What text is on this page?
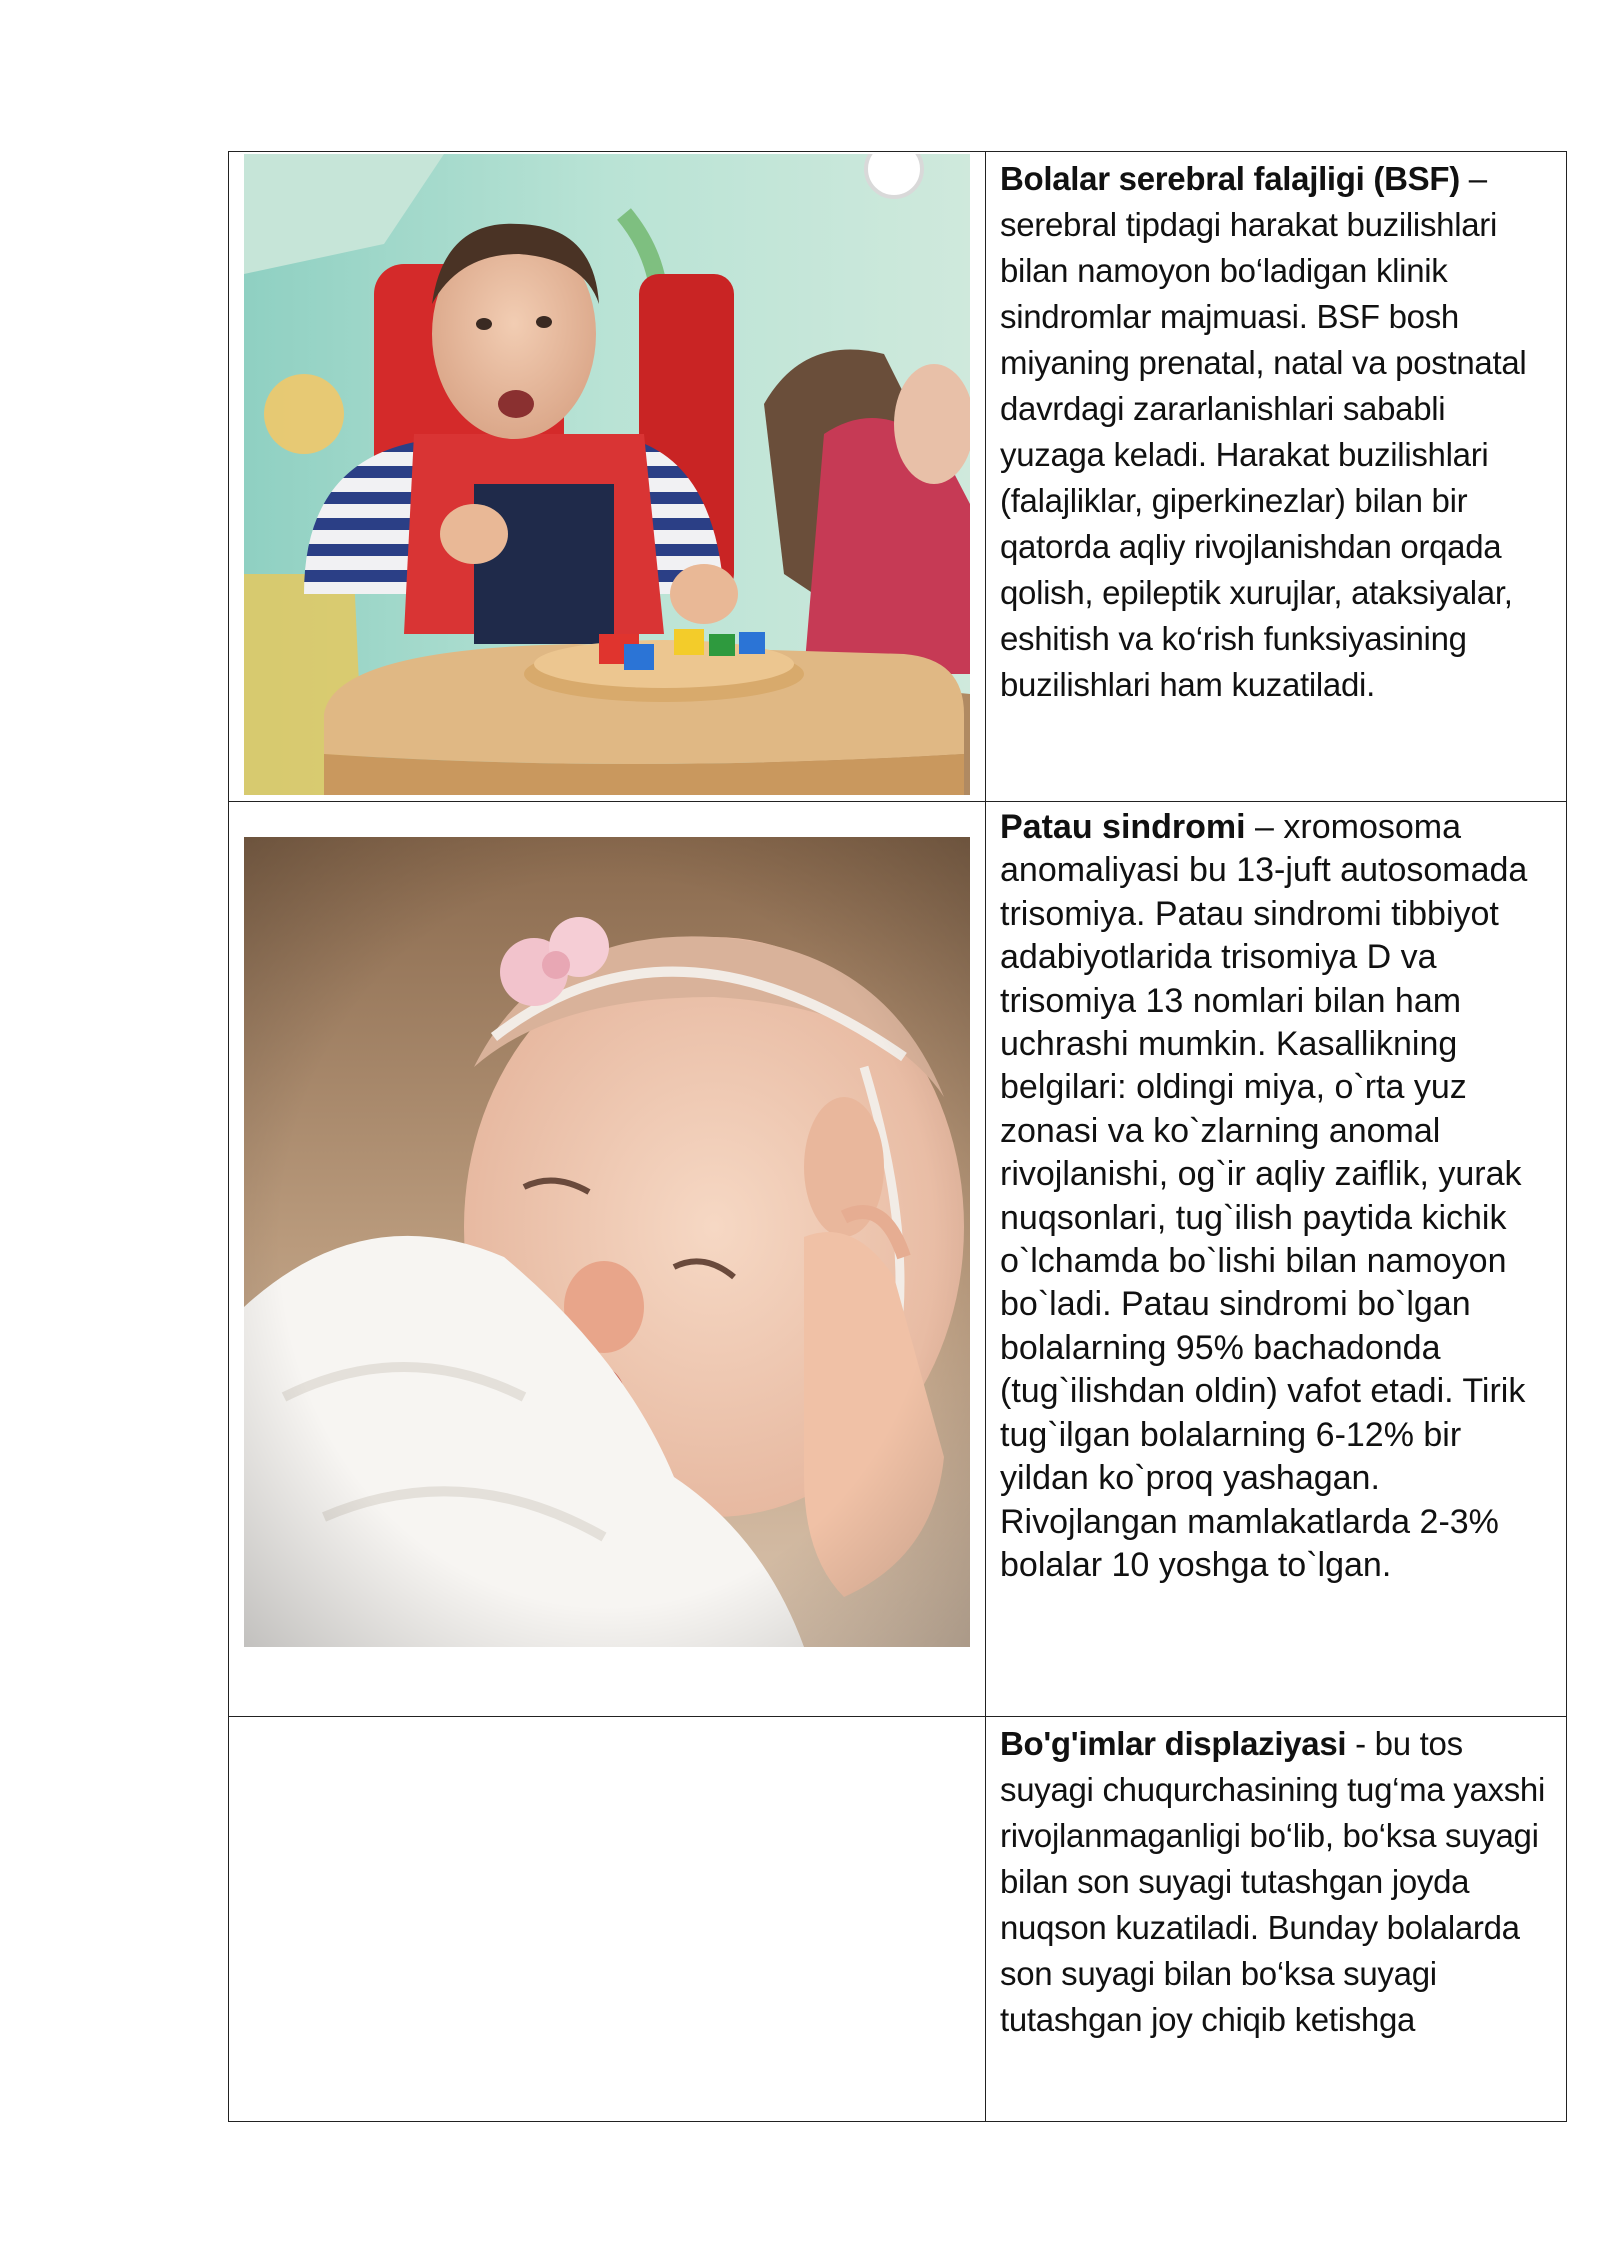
Bolalar serebral falajligi (BSF) – serebral tipdagi harakat buzilishlari bilan namoyon bo‘ladigan klinik sindromlar majmuasi. BSF bosh miyaning prenatal, natal va postnatal davrdagi zararlanishlari sababli yuzaga keladi. Harakat buzilishlari (falajliklar, giperkinezlar) bilan bir qatorda aqliy rivojlanishdan orqada qolish, epileptik xurujlar, ataksiyalar, eshitish va ko‘rish funksiyasining buzilishlari ham kuzatiladi.

Patau sindromi – xromosoma anomaliyasi bu 13-juft autosomada trisomiya. Patau sindromi tibbiyot adabiyotlarida trisomiya D va trisomiya 13 nomlari bilan ham uchrashi mumkin. Kasallikning belgilari: oldingi miya, o`rta yuz zonasi va ko`zlarning anomal rivojlanishi, og`ir aqliy zaiflik, yurak nuqsonlari, tug`ilish paytida kichik o`lchamda bo`lishi bilan namoyon bo`ladi. Patau sindromi bo`lgan bolalarning 95% bachadonda (tug`ilishdan oldin) vafot etadi. Tirik tug`ilgan bolalarning 6-12% bir yildan ko`proq yashagan. Rivojlangan mamlakatlarda 2-3% bolalar 10 yoshga to`lgan.

	Bo'g'imlar displaziyasi - bu tos suyagi chuqurchasining tug‘ma yaxshi rivojlanmaganligi bo‘lib, bo‘ksa suyagi bilan son suyagi tutashgan joyda nuqson kuzatiladi. Bunday bolalarda son suyagi bilan bo‘ksa suyagi tutashgan joy chiqib ketishga
